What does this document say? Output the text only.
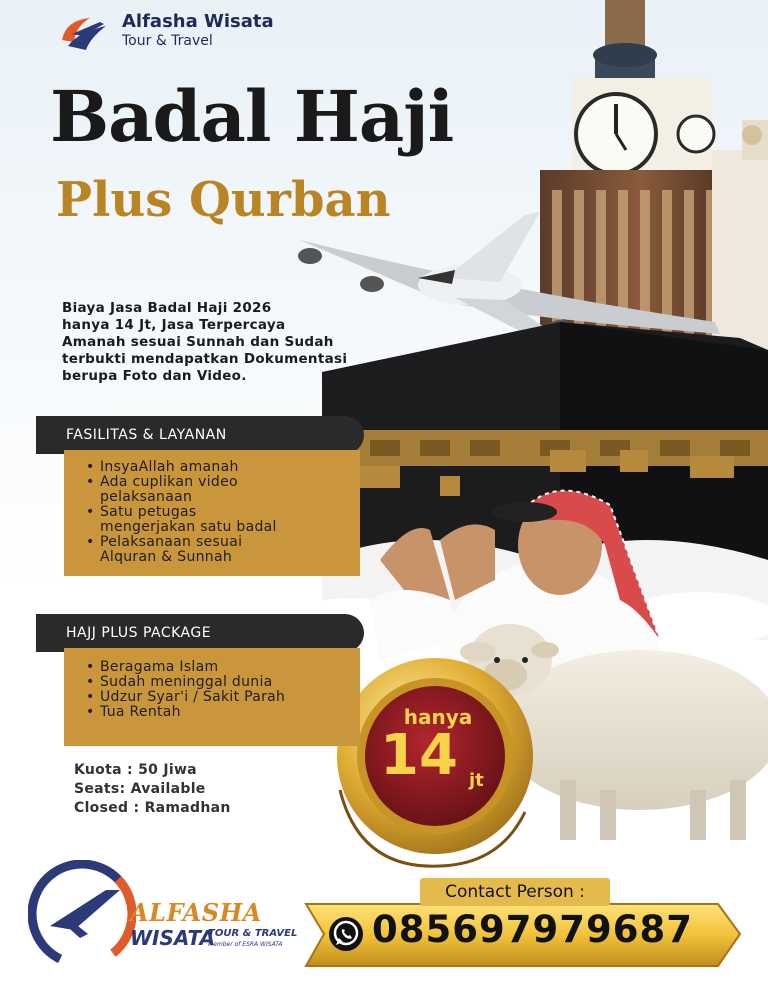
Alfasha Wisata
Tour & Travel
Badal Haji
Plus Qurban
Biaya Jasa Badal Haji 2026
hanya 14 Jt, Jasa Terpercaya
Amanah sesuai Sunnah dan Sudah
terbukti mendapatkan Dokumentasi
berupa Foto dan Video.
FASILITAS & LAYANAN
• InsyaAllah amanah
• Ada cuplikan video
pelaksanaan
• Satu petugas
mengerjakan satu badal
• Pelaksanaan sesuai
Alquran & Sunnah
HAJJ PLUS PACKAGE
• Beragama Islam
• Sudah meninggal dunia
• Udzur Syar'i / Sakit Parah
• Tua Rentah
Kuota : 50 Jiwa
Seats: Available
Closed : Ramadhan
hanya
14 jt
ALFASHA
WISATA
TOUR & TRAVEL
Member of ESRA WISATA
Contact Person :
085697979687
